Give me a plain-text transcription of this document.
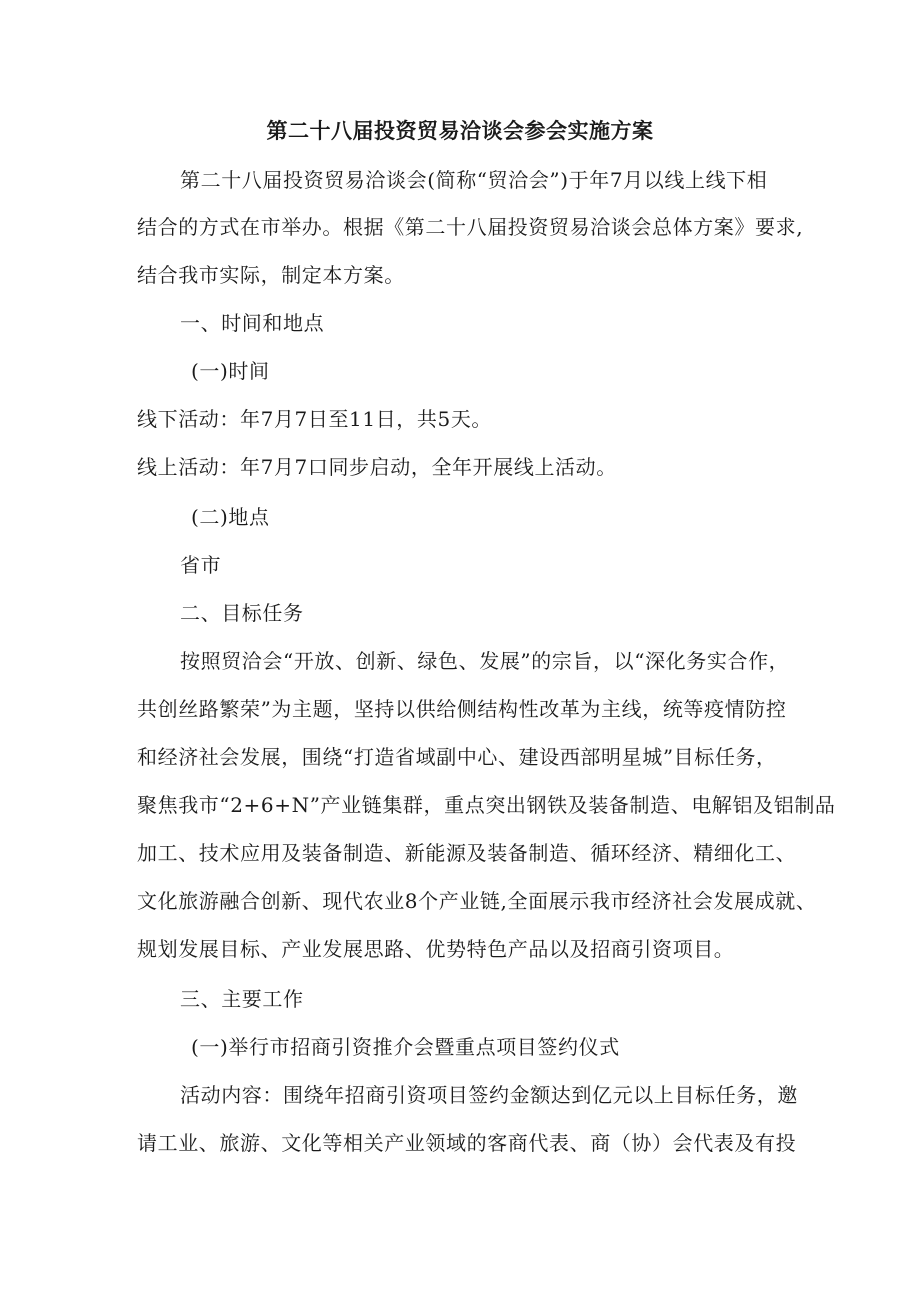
第二十八届投资贸易洽谈会参会实施方案
第二十八届投资贸易洽谈会(简称“贸洽会”)于年7月以线上线下相
结合的方式在市举办。根据《第二十八届投资贸易洽谈会总体方案》要求,
结合我市实际，制定本方案。
一、时间和地点
(一)时间
线下活动：年7月7日至11日，共5天。
线上活动：年7月7口同步启动，全年开展线上活动。
(二)地点
省市
二、目标任务
按照贸洽会“开放、创新、绿色、发展”的宗旨，以“深化务实合作，
共创丝路繁荣”为主题，坚持以供给侧结构性改革为主线，统等疫情防控
和经济社会发展，围绕“打造省域副中心、建设西部明星城”目标任务，
聚焦我市“2+6+N”产业链集群，重点突出钢铁及装备制造、电解铝及铝制品
加工、技术应用及装备制造、新能源及装备制造、循环经济、精细化工、
文化旅游融合创新、现代农业8个产业链,全面展示我市经济社会发展成就、
规划发展目标、产业发展思路、优势特色产品以及招商引资项目。
三、主要工作
(一)举行市招商引资推介会暨重点项目签约仪式
活动内容：围绕年招商引资项目签约金额达到亿元以上目标任务，邀
请工业、旅游、文化等相关产业领域的客商代表、商（协）会代表及有投
